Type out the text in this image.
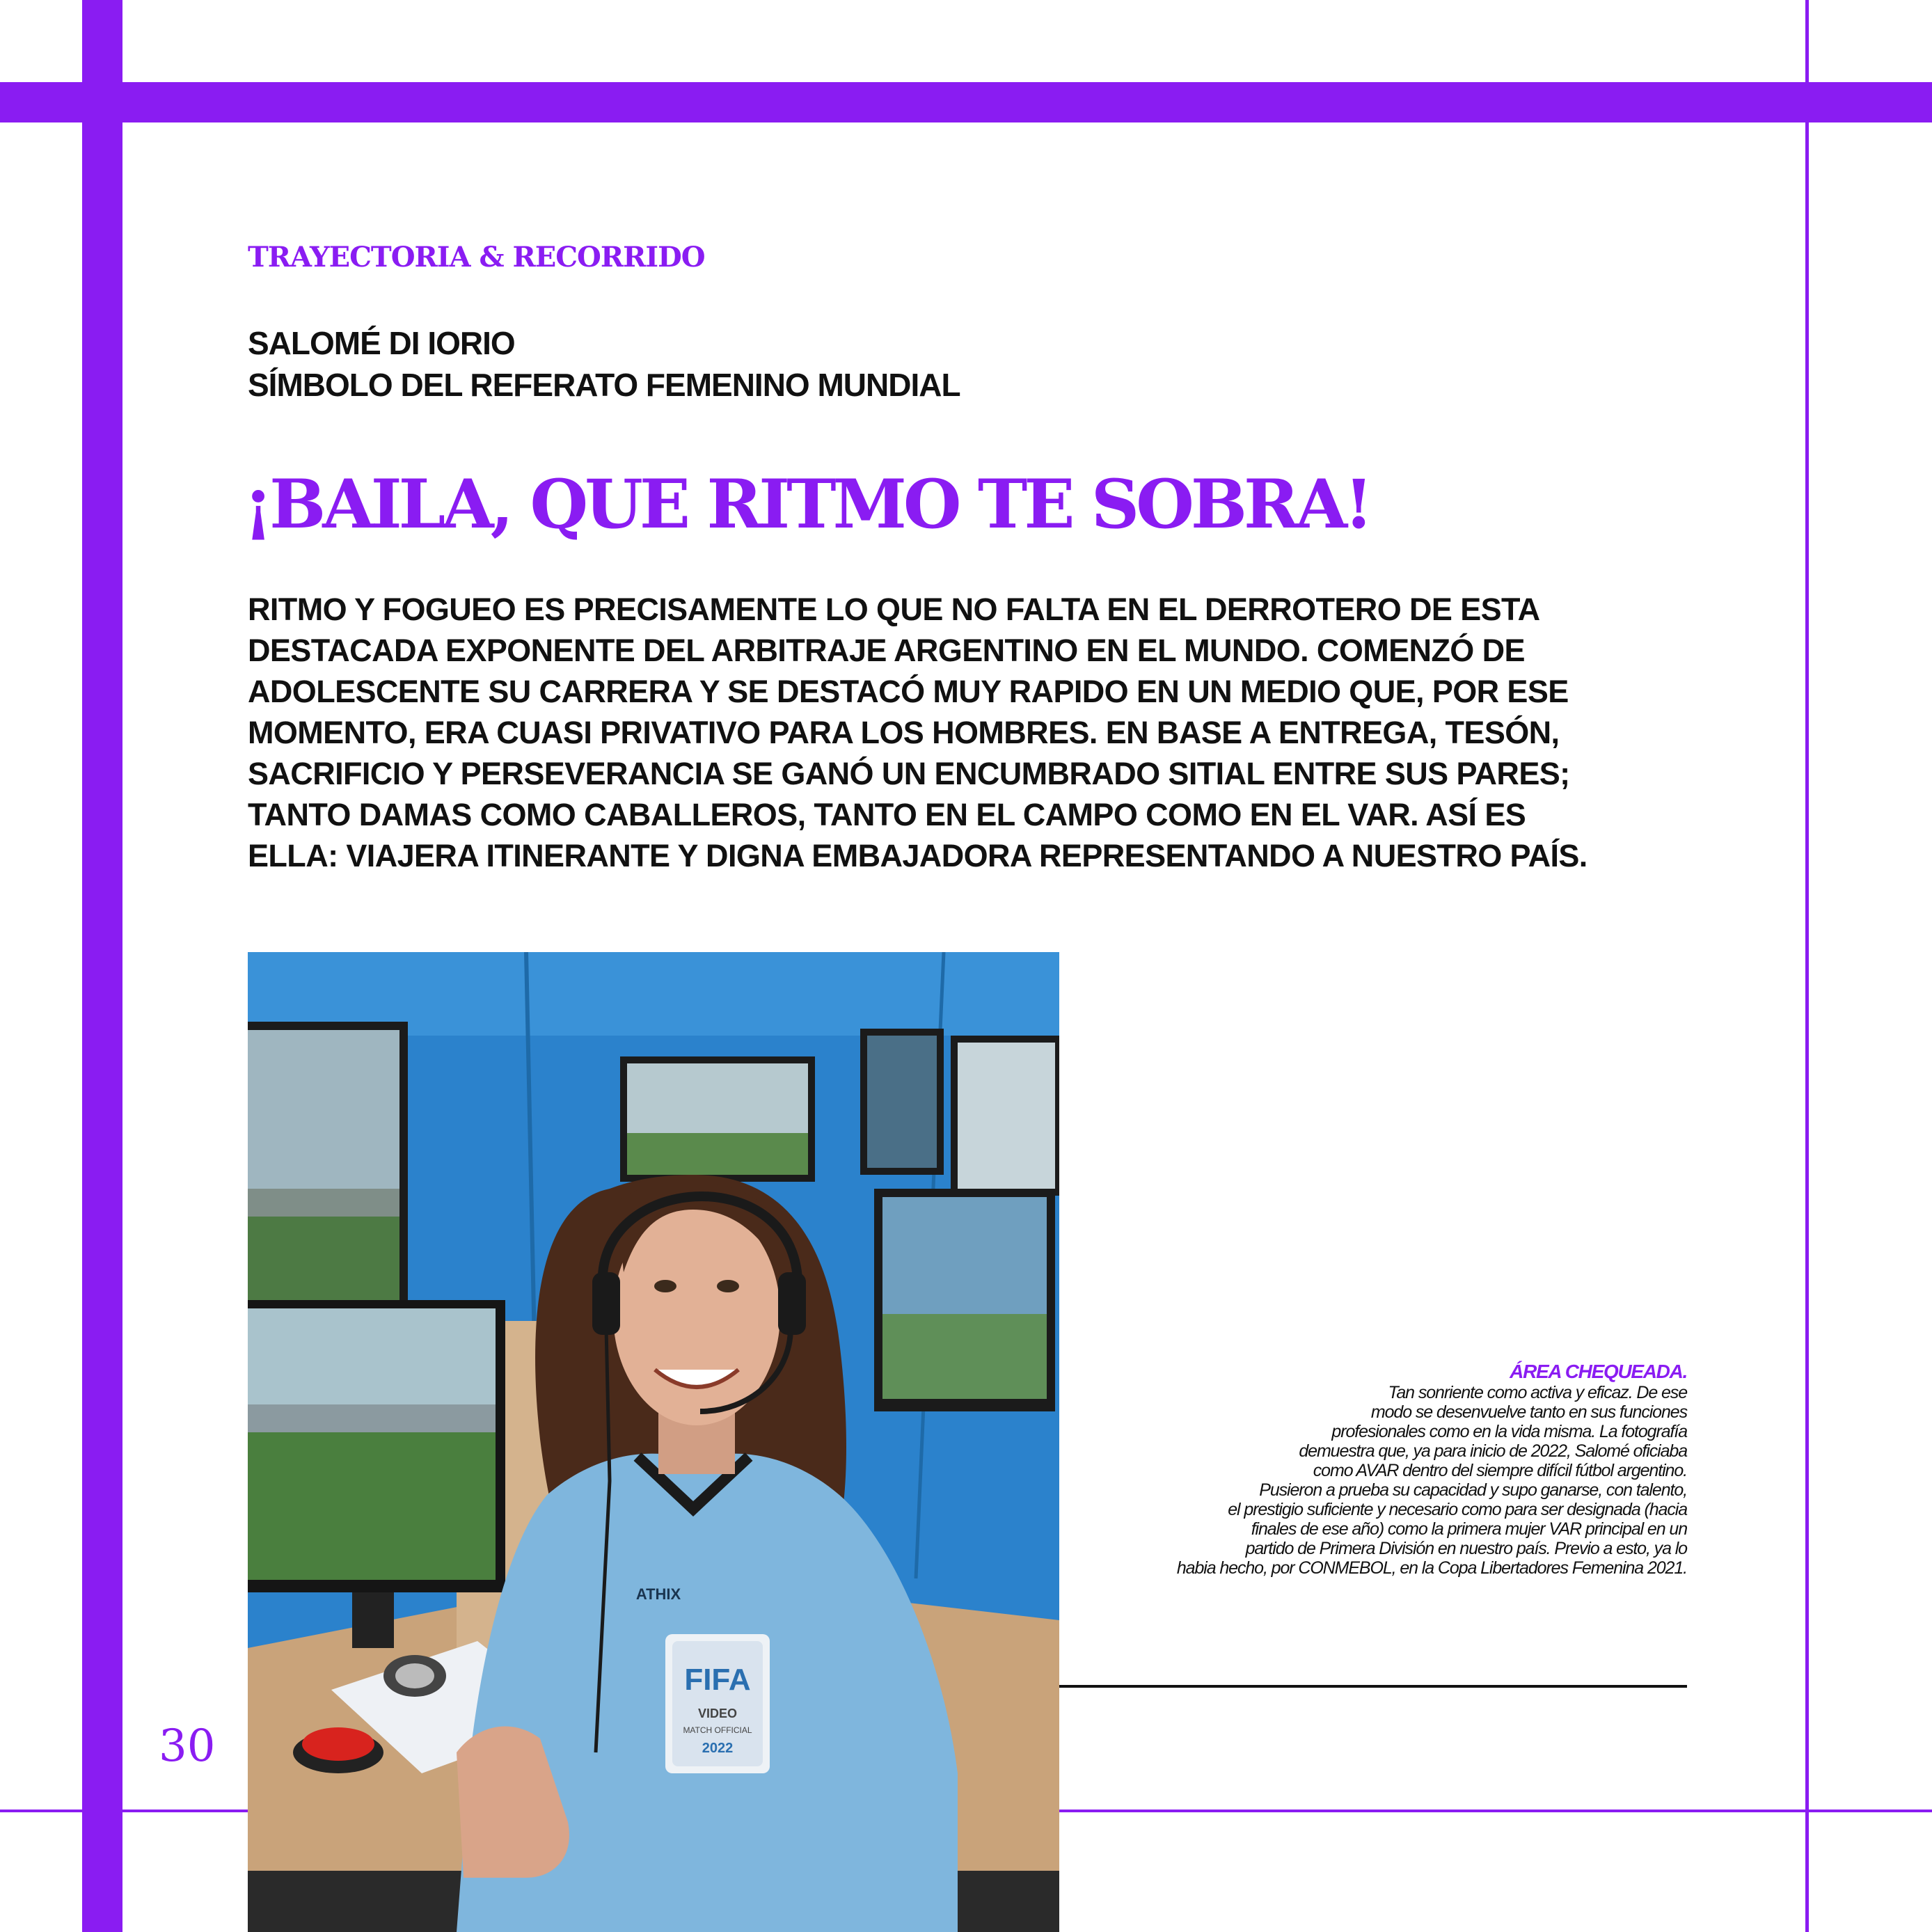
TRAYECTORIA & RECORRIDO
SALOMÉ DI IORIO
SÍMBOLO DEL REFERATO FEMENINO MUNDIAL
¡BAILA, QUE RITMO TE SOBRA!
RITMO Y FOGUEO ES PRECISAMENTE LO QUE NO FALTA EN EL DERROTERO DE ESTA
DESTACADA EXPONENTE DEL ARBITRAJE ARGENTINO EN EL MUNDO. COMENZÓ DE
ADOLESCENTE SU CARRERA Y SE DESTACÓ MUY RAPIDO EN UN MEDIO QUE, POR ESE
MOMENTO, ERA CUASI PRIVATIVO PARA LOS HOMBRES. EN BASE A ENTREGA, TESÓN,
SACRIFICIO Y PERSEVERANCIA SE GANÓ UN ENCUMBRADO SITIAL ENTRE SUS PARES;
TANTO DAMAS COMO CABALLEROS, TANTO EN EL CAMPO COMO EN EL VAR. ASÍ ES
ELLA: VIAJERA ITINERANTE Y DIGNA EMBAJADORA REPRESENTANDO A NUESTRO PAÍS.
FIFA
VIDEO
MATCH OFFICIAL
2022
ATHIX
ÁREA CHEQUEADA.
Tan sonriente como activa y eficaz. De ese
modo se desenvuelve tanto en sus funciones
profesionales como en la vida misma. La fotografía
demuestra que, ya para inicio de 2022, Salomé oficiaba
como AVAR dentro del siempre difícil fútbol argentino.
Pusieron a prueba su capacidad y supo ganarse, con talento,
el prestigio suficiente y necesario como para ser designada (hacia
finales de ese año) como la primera mujer VAR principal en un
partido de Primera División en nuestro país. Previo a esto, ya lo
habia hecho, por CONMEBOL, en la Copa Libertadores Femenina 2021.
30
